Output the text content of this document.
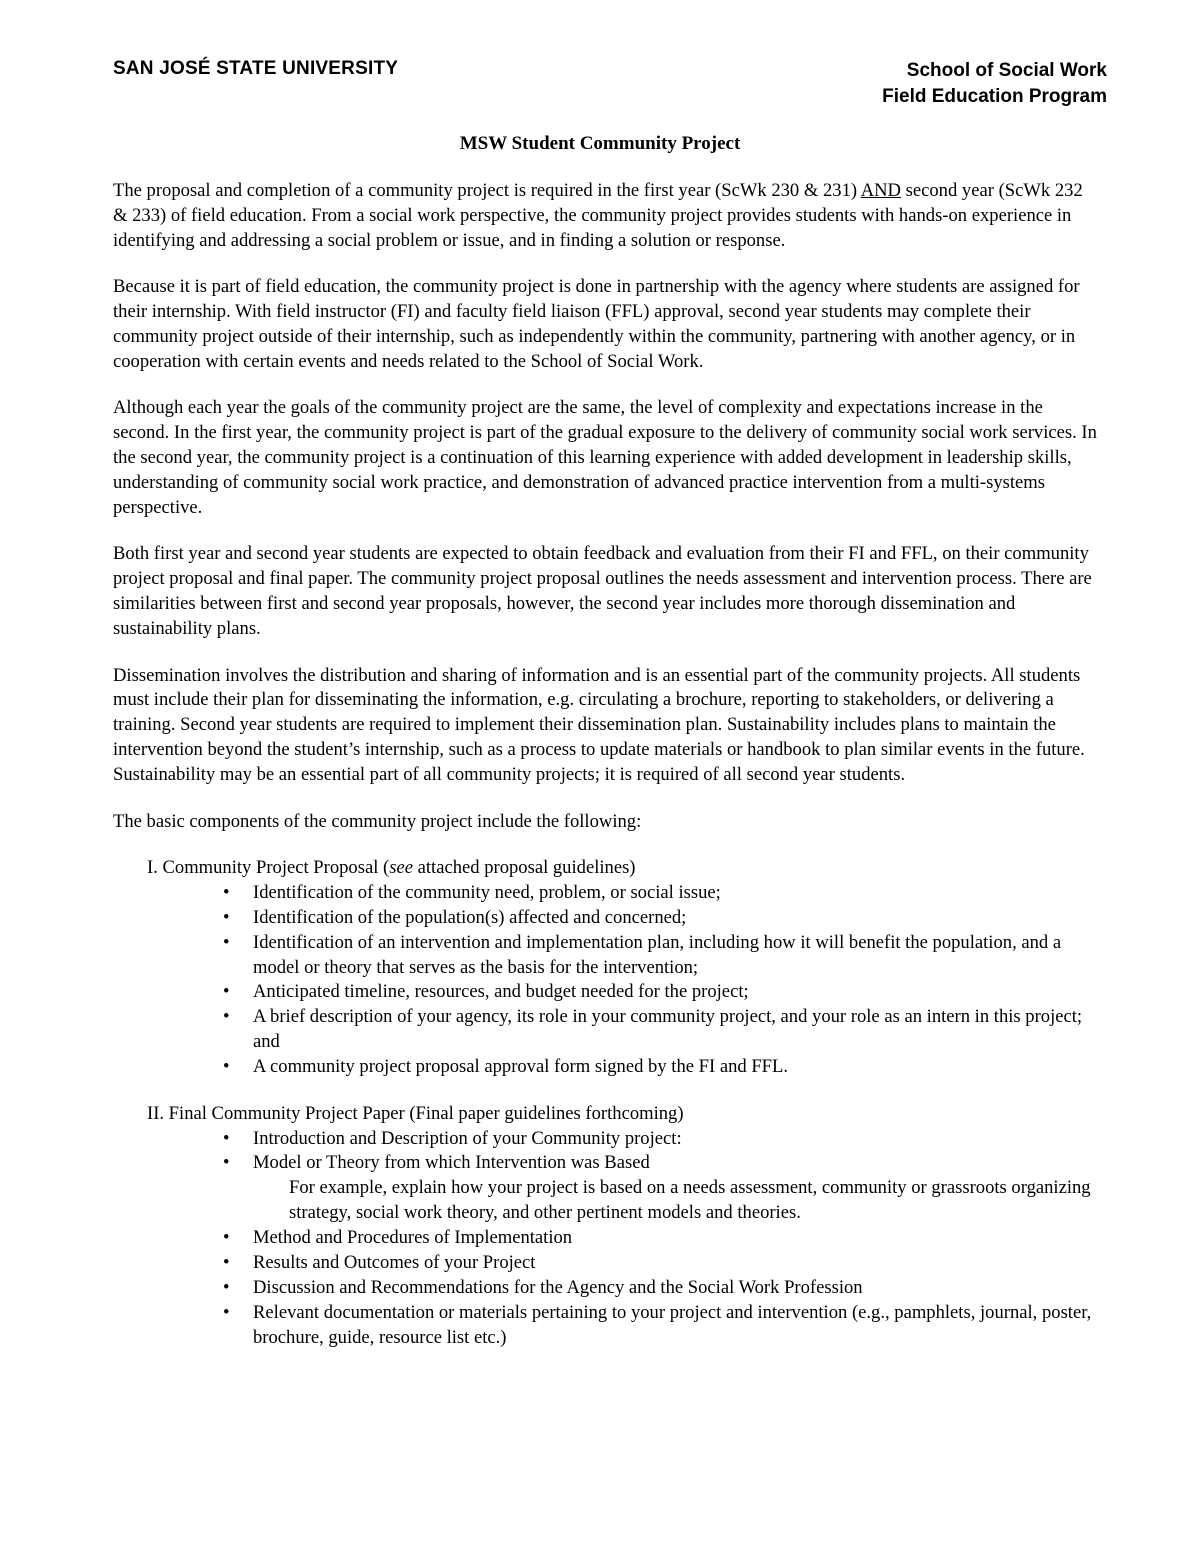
SAN JOSÉ STATE UNIVERSITY	School of Social Work
Field Education Program
MSW Student Community Project

The proposal and completion of a community project is required in the first year (ScWk 230 & 231) AND second year (ScWk 232 & 233) of field education. From a social work perspective, the community project provides students with hands-on experience in identifying and addressing a social problem or issue, and in finding a solution or response.

Because it is part of field education, the community project is done in partnership with the agency where students are assigned for their internship. With field instructor (FI) and faculty field liaison (FFL) approval, second year students may complete their community project outside of their internship, such as independently within the community, partnering with another agency, or in cooperation with certain events and needs related to the School of Social Work.

Although each year the goals of the community project are the same, the level of complexity and expectations increase in the second. In the first year, the community project is part of the gradual exposure to the delivery of community social work services. In the second year, the community project is a continuation of this learning experience with added development in leadership skills, understanding of community social work practice, and demonstration of advanced practice intervention from a multi-systems perspective.

Both first year and second year students are expected to obtain feedback and evaluation from their FI and FFL, on their community project proposal and final paper. The community project proposal outlines the needs assessment and intervention process. There are similarities between first and second year proposals, however, the second year includes more thorough dissemination and sustainability plans.

Dissemination involves the distribution and sharing of information and is an essential part of the community projects. All students must include their plan for disseminating the information, e.g. circulating a brochure, reporting to stakeholders, or delivering a training. Second year students are required to implement their dissemination plan. Sustainability includes plans to maintain the intervention beyond the student’s internship, such as a process to update materials or handbook to plan similar events in the future. Sustainability may be an essential part of all community projects; it is required of all second year students.

The basic components of the community project include the following:

I. Community Project Proposal (see attached proposal guidelines)
• Identification of the community need, problem, or social issue;
• Identification of the population(s) affected and concerned;
• Identification of an intervention and implementation plan, including how it will benefit the population, and a model or theory that serves as the basis for the intervention;
• Anticipated timeline, resources, and budget needed for the project;
• A brief description of your agency, its role in your community project, and your role as an intern in this project; and
• A community project proposal approval form signed by the FI and FFL.
II. Final Community Project Paper (Final paper guidelines forthcoming)
• Introduction and Description of your Community project:
• Model or Theory from which Intervention was Based
For example, explain how your project is based on a needs assessment, community or grassroots organizing strategy, social work theory, and other pertinent models and theories.
• Method and Procedures of Implementation
• Results and Outcomes of your Project
• Discussion and Recommendations for the Agency and the Social Work Profession
• Relevant documentation or materials pertaining to your project and intervention (e.g., pamphlets, journal, poster, brochure, guide, resource list etc.)
